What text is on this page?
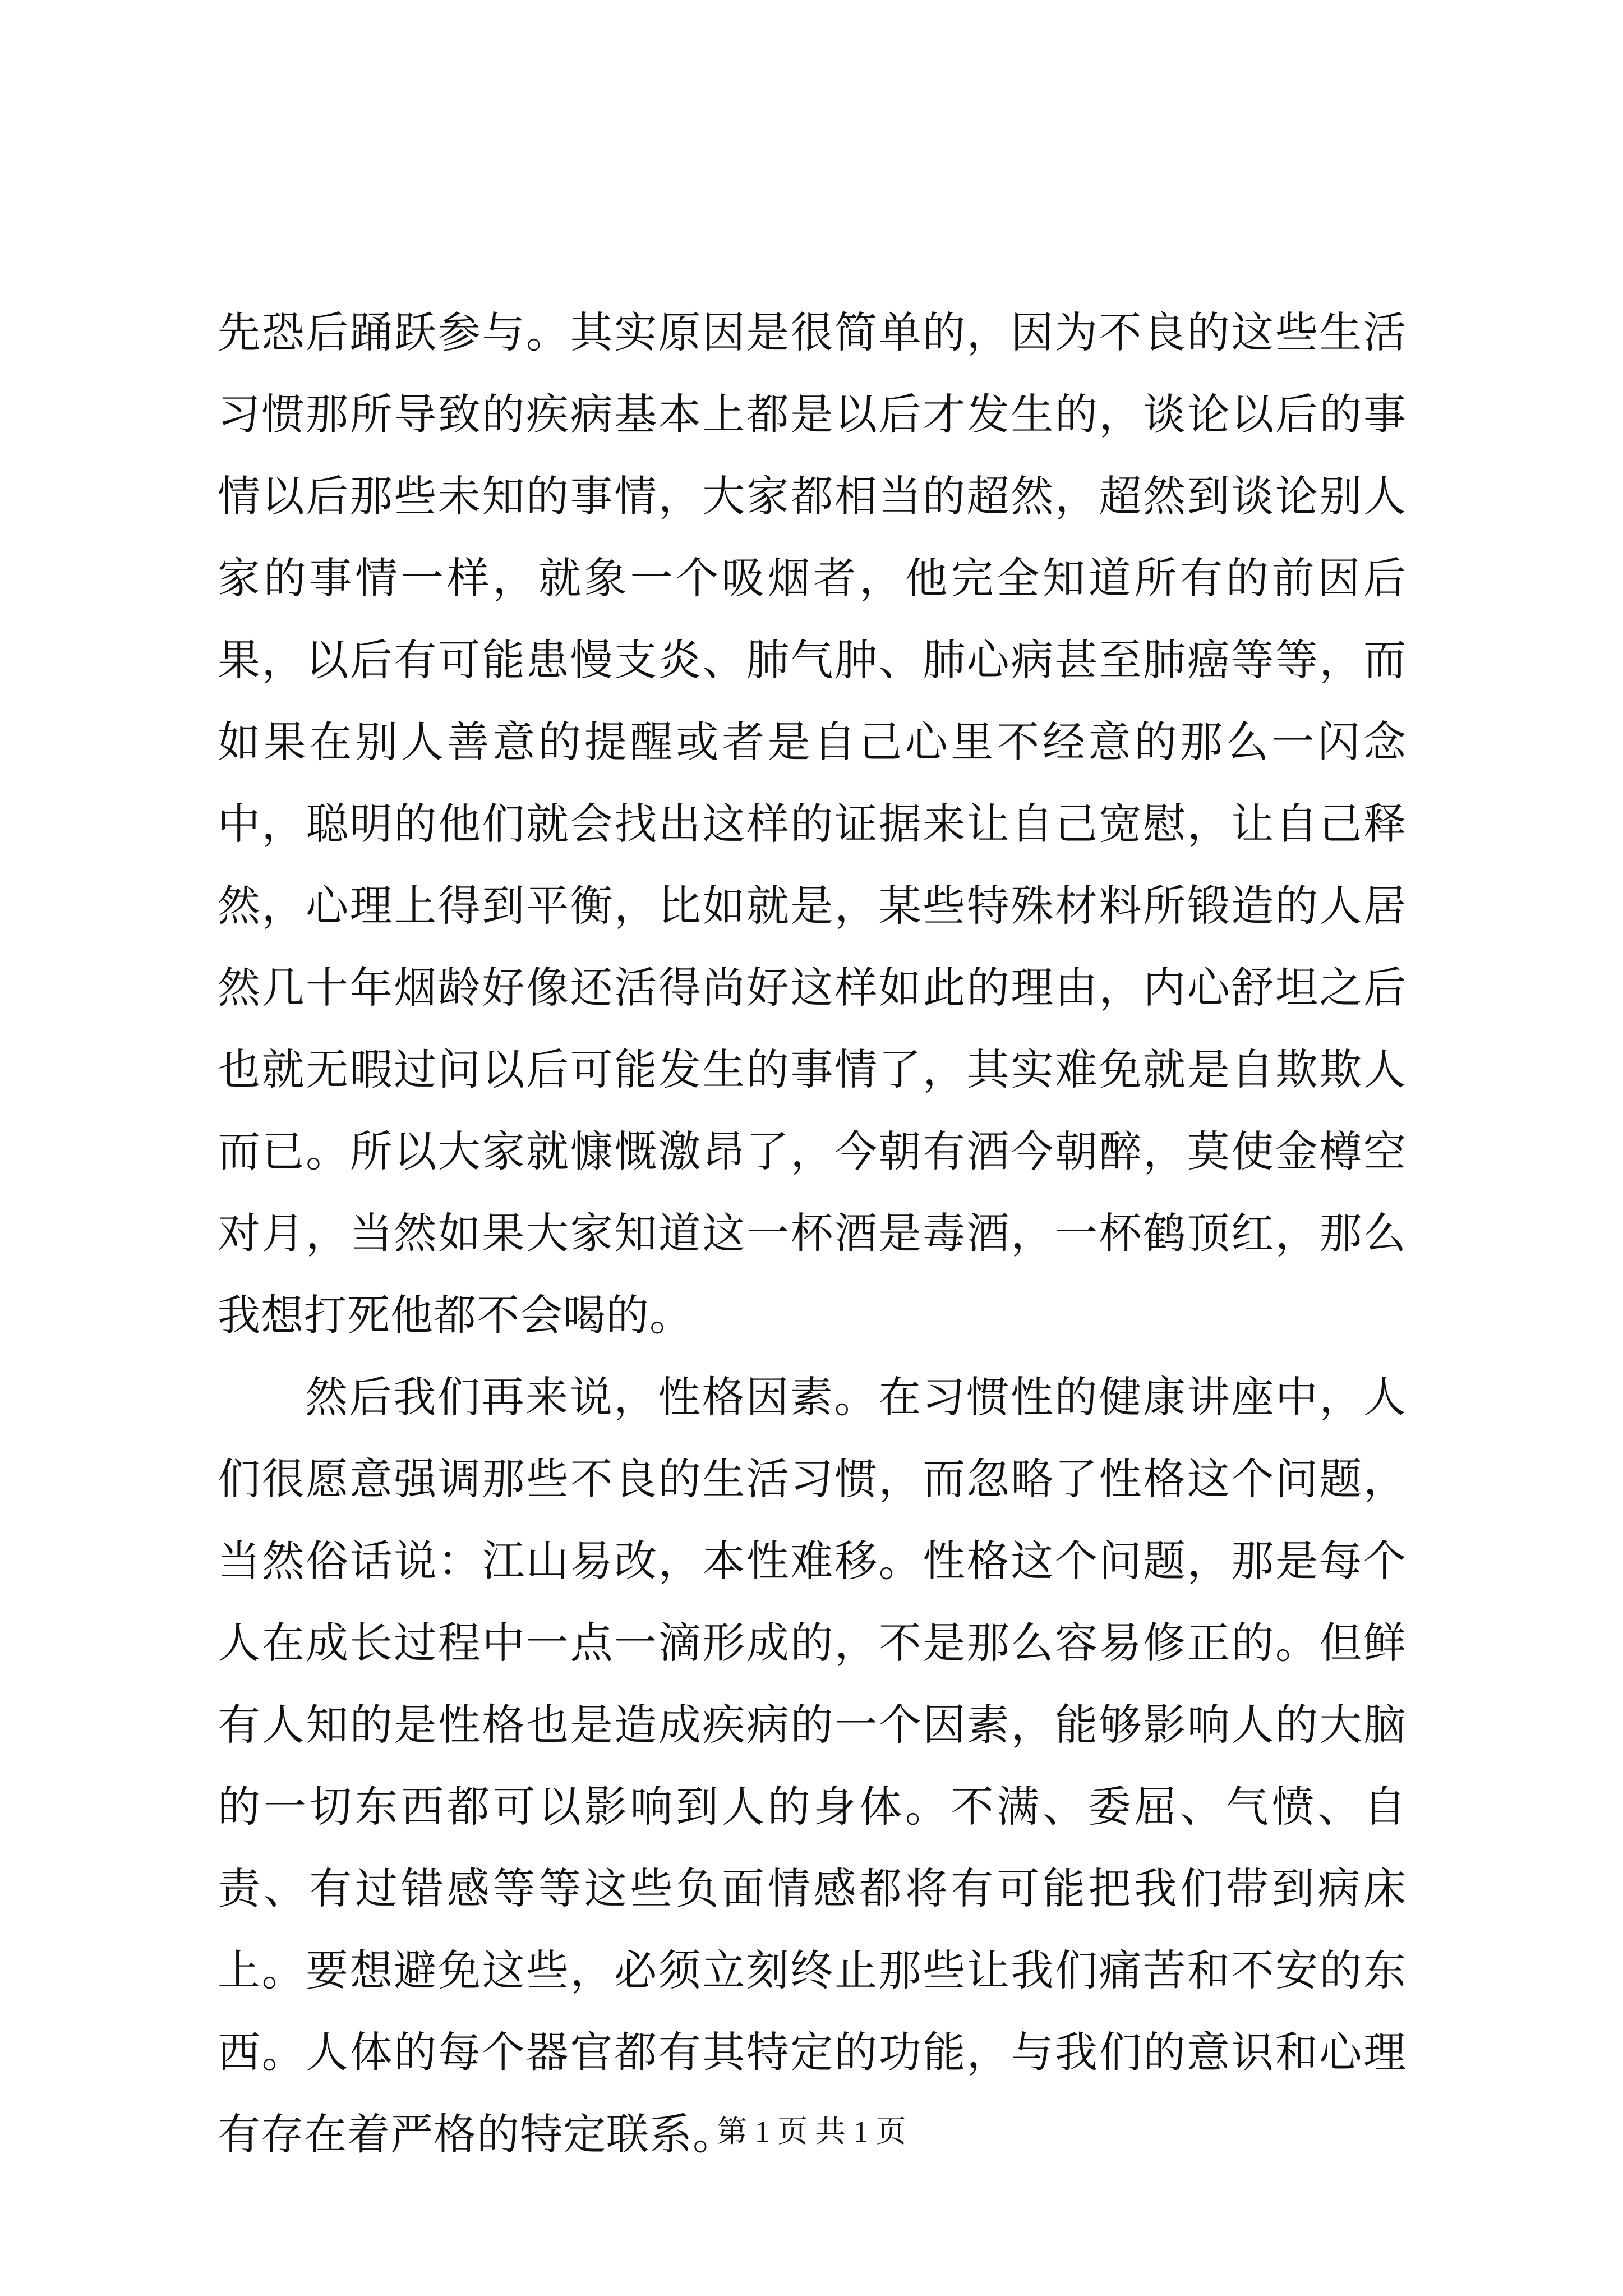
先恐后踊跃参与。其实原因是很简单的，因为不良的这些生活习惯那所导致的疾病基本上都是以后才发生的，谈论以后的事情以后那些未知的事情，大家都相当的超然，超然到谈论别人家的事情一样，就象一个吸烟者，他完全知道所有的前因后果，以后有可能患慢支炎、肺气肿、肺心病甚至肺癌等等，而如果在别人善意的提醒或者是自己心里不经意的那么一闪念中，聪明的他们就会找出这样的证据来让自己宽慰，让自己释然，心理上得到平衡，比如就是，某些特殊材料所锻造的人居然几十年烟龄好像还活得尚好这样如此的理由，内心舒坦之后也就无暇过问以后可能发生的事情了，其实难免就是自欺欺人而已。所以大家就慷慨激昂了，今朝有酒今朝醉，莫使金樽空对月，当然如果大家知道这一杯酒是毒酒，一杯鹤顶红，那么我想打死他都不会喝的。

然后我们再来说，性格因素。在习惯性的健康讲座中，人们很愿意强调那些不良的生活习惯，而忽略了性格这个问题，当然俗话说：江山易改，本性难移。性格这个问题，那是每个人在成长过程中一点一滴形成的，不是那么容易修正的。但鲜有人知的是性格也是造成疾病的一个因素，能够影响人的大脑的一切东西都可以影响到人的身体。不满、委屈、气愤、自责、有过错感等等这些负面情感都将有可能把我们带到病床上。要想避免这些，必须立刻终止那些让我们痛苦和不安的东西。人体的每个器官都有其特定的功能，与我们的意识和心理有存在着严格的特定联系。

第 1 页 共 1 页
